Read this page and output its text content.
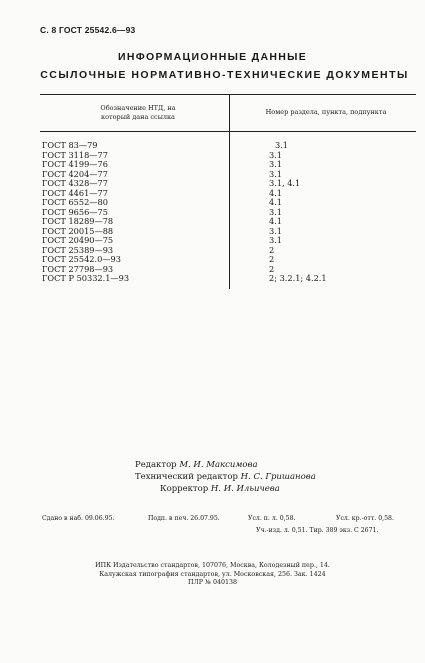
С. 8 ГОСТ 25542.6—93
ИНФОРМАЦИОННЫЕ ДАННЫЕ
ССЫЛОЧНЫЕ НОРМАТИВНО-ТЕХНИЧЕСКИЕ ДОКУМЕНТЫ
Обозначение НТД, на
который дана ссылка
Номер раздела, пункта, подпункта
ГОСТ 83—79	3.1
ГОСТ 3118—77	3.1
ГОСТ 4199—76	3.1
ГОСТ 4204—77	3.1
ГОСТ 4328—77	3.1, 4.1
ГОСТ 4461—77	4.1
ГОСТ 6552—80	4.1
ГОСТ 9656—75	3.1
ГОСТ 18289—78	4.1
ГОСТ 20015—88	3.1
ГОСТ 20490—75	3.1
ГОСТ 25389—93	2
ГОСТ 25542.0—93	2
ГОСТ 27798—93	2
ГОСТ Р 50332.1—93	2; 3.2.1; 4.2.1
Редактор М. И. Максимова
Технический редактор Н. С. Гришанова
Корректор Н. И. Ильичева
Сдано в наб. 09.06.95.	Подп. в печ. 26.07.95.	Усл. п. л. 0,58.	Усл. кр.-отт. 0,58.
Уч.-изд. л. 0,51. Тир. 389 экз. С 2671.
ИПК Издательство стандартов, 107076, Москва, Колодезный пер., 14.
Калужская типография стандартов, ул. Московская, 256. Зак. 1424
ПЛР № 040138
